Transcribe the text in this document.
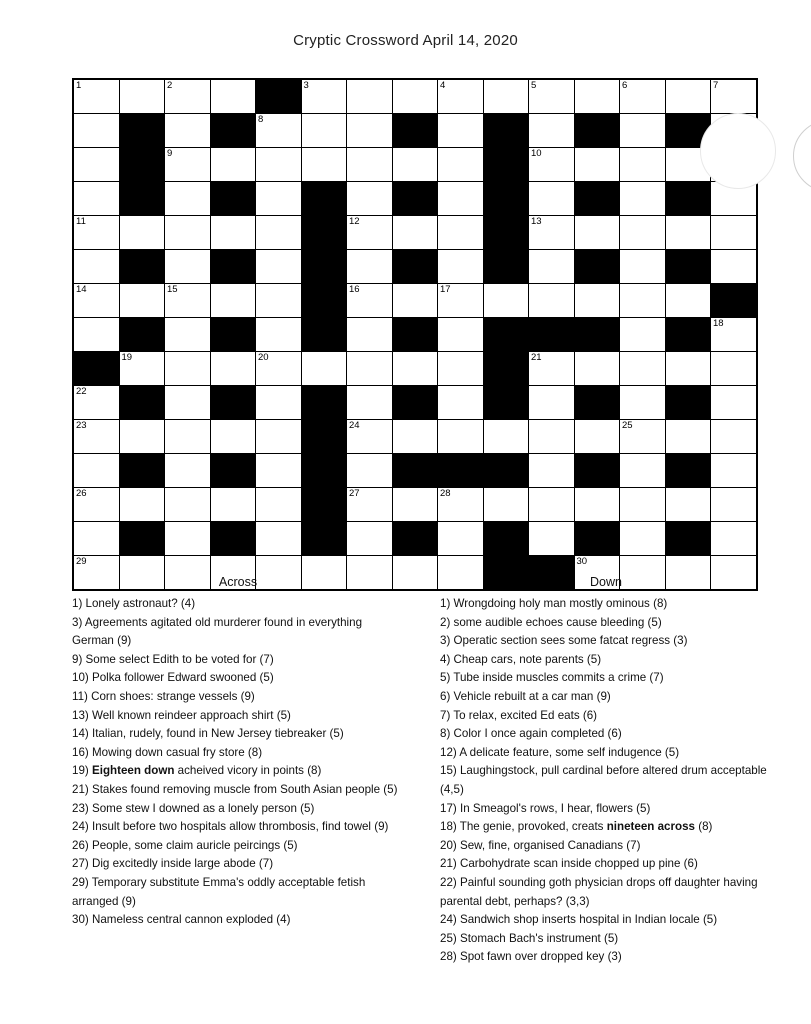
Cryptic Crossword April 14, 2020
1		2			3			4		5		6		7

				8										

		9								10				

11						12				13				

14		15				16		17						

														18

	19			20						21				

22														

23						24						25		

26						27		28						

29											30			

Across
1) Lonely astronaut? (4)
3) Agreements agitated old murderer found in everything German (9)
9) Some select Edith to be voted for (7)
10) Polka follower Edward swooned (5)
11) Corn shoes: strange vessels (9)
13) Well known reindeer approach shirt (5)
14) Italian, rudely, found in New Jersey tiebreaker (5)
16) Mowing down casual fry store (8)
19) Eighteen down acheived vicory in points (8)
21) Stakes found removing muscle from South Asian people (5)
23) Some stew I downed as a lonely person (5)
24) Insult before two hospitals allow thrombosis, find towel (9)
26) People, some claim auricle peircings (5)
27) Dig excitedly inside large abode (7)
29) Temporary substitute Emma's oddly acceptable fetish arranged (9)
30) Nameless central cannon exploded (4)
Down
1) Wrongdoing holy man mostly ominous (8)
2) some audible echoes cause bleeding (5)
3) Operatic section sees some fatcat regress (3)
4) Cheap cars, note parents (5)
5) Tube inside muscles commits a crime (7)
6) Vehicle rebuilt at a car man (9)
7) To relax, excited Ed eats (6)
8) Color I once again completed (6)
12) A delicate feature, some self indugence (5)
15) Laughingstock, pull cardinal before altered drum acceptable (4,5)
17) In Smeagol's rows, I hear, flowers (5)
18) The genie, provoked, creats nineteen across (8)
20) Sew, fine, organised Canadians (7)
21) Carbohydrate scan inside chopped up pine (6)
22) Painful sounding goth physician drops off daughter having parental debt, perhaps? (3,3)
24) Sandwich shop inserts hospital in Indian locale (5)
25) Stomach Bach's instrument (5)
28) Spot fawn over dropped key (3)
